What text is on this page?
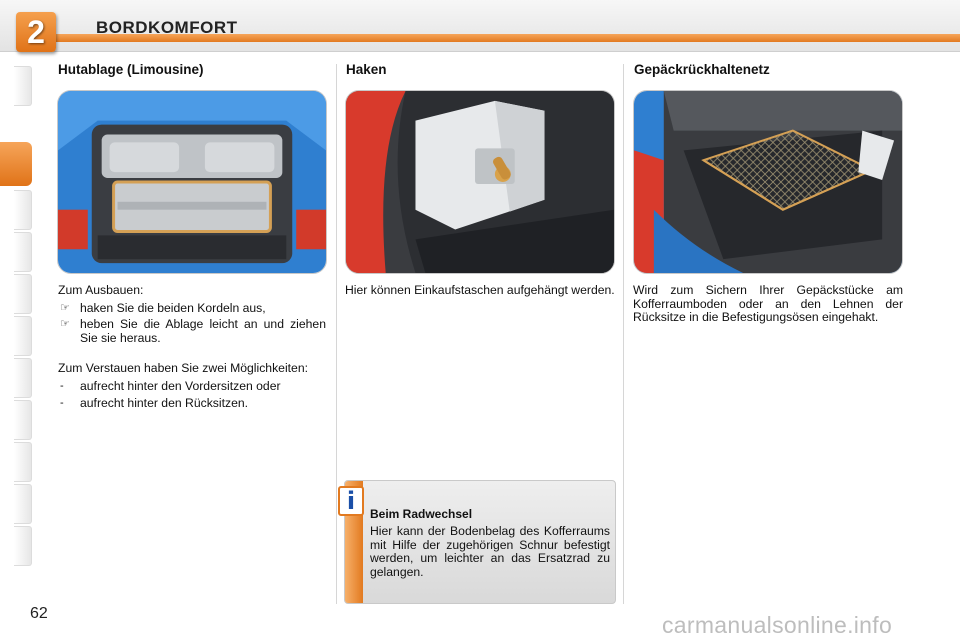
2	BORDKOMFORT
Hutablage (Limousine)
Zum Ausbauen:
☞ haken Sie die beiden Kordeln aus,
☞ heben Sie die Ablage leicht an und ziehen Sie sie heraus.
Zum Verstauen haben Sie zwei Möglichkeiten:
- aufrecht hinter den Vordersitzen oder
- aufrecht hinter den Rücksitzen.
Haken
Hier können Einkaufstaschen aufgehängt werden.
Gepäckrückhaltenetz
Wird zum Sichern Ihrer Gepäckstücke am Kofferraumboden oder an den Lehnen der Rücksitze in die Befestigungsösen eingehakt.
i	Beim Radwechsel
Hier kann der Bodenbelag des Kofferraums mit Hilfe der zugehörigen Schnur befestigt werden, um leichter an das Ersatzrad zu gelangen.
62	carmanualsonline.info
